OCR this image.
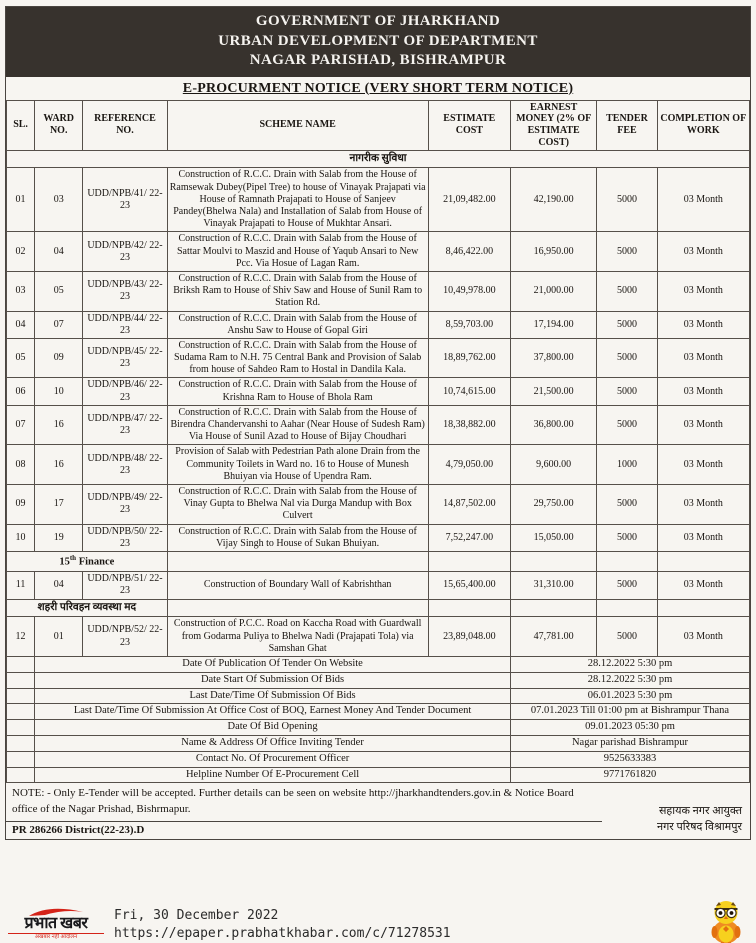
GOVERNMENT OF JHARKHAND
URBAN DEVELOPMENT OF DEPARTMENT
NAGAR PARISHAD, BISHRAMPUR
E-PROCURMENT NOTICE (VERY SHORT TERM NOTICE)
SL.	WARD NO.	REFERENCE NO.	SCHEME NAME	ESTIMATE COST	EARNEST MONEY (2% OF ESTIMATE COST)	TENDER FEE	COMPLETION OF WORK
नागरीक सुविधा							
01	03	UDD/NPB/41/ 22-23	Construction of R.C.C. Drain with Salab from the House of Ramsewak Dubey(Pipel Tree) to house of Vinayak Prajapati via House of Ramnath Prajapati to House of Sanjeev Pandey(Bhelwa Nala) and Installation of Salab from House of Vinayak Prajapati to House of Mukhtar Ansari.	21,09,482.00	42,190.00	5000	03 Month
02	04	UDD/NPB/42/ 22-23	Construction of R.C.C. Drain with Salab from the House of Sattar Moulvi to Maszid and House of Yaqub Ansari to New Pcc. Via Hosue of Lagan Ram.	8,46,422.00	16,950.00	5000	03 Month
03	05	UDD/NPB/43/ 22-23	Construction of R.C.C. Drain with Salab from the House of Briksh Ram to House of Shiv Saw and House of Sunil Ram to Station Rd.	10,49,978.00	21,000.00	5000	03 Month
04	07	UDD/NPB/44/ 22-23	Construction of R.C.C. Drain with Salab from the House of Anshu Saw to House of Gopal Giri	8,59,703.00	17,194.00	5000	03 Month
05	09	UDD/NPB/45/ 22-23	Construction of R.C.C. Drain with Salab from the House of Sudama Ram to N.H. 75 Central Bank and Provision of Salab from house of Sahdeo Ram to Hostal in Dandila Kala.	18,89,762.00	37,800.00	5000	03 Month
06	10	UDD/NPB/46/ 22-23	Construction of R.C.C. Drain with Salab from the House of Krishna Ram to House of Bhola Ram	10,74,615.00	21,500.00	5000	03 Month
07	16	UDD/NPB/47/ 22-23	Construction of R.C.C. Drain with Salab from the House of Birendra Chandervanshi to Aahar (Near House of Sudesh Ram) Via House of Sunil Azad to House of Bijay Choudhari	18,38,882.00	36,800.00	5000	03 Month
08	16	UDD/NPB/48/ 22-23	Provision of Salab with Pedestrian Path alone Drain from the Community Toilets in Ward no. 16 to House of Munesh Bhuiyan via House of Upendra Ram.	4,79,050.00	9,600.00	1000	03 Month
09	17	UDD/NPB/49/ 22-23	Construction of R.C.C. Drain with Salab from the House of Vinay Gupta to Bhelwa Nal via Durga Mandup with Box Culvert	14,87,502.00	29,750.00	5000	03 Month
10	19	UDD/NPB/50/ 22-23	Construction of R.C.C. Drain with Salab from the House of Vijay Singh to House of Sukan Bhuiyan.	7,52,247.00	15,050.00	5000	03 Month
15th Finance							
11	04	UDD/NPB/51/ 22-23	Construction of Boundary Wall of Kabrishthan	15,65,400.00	31,310.00	5000	03 Month
शहरी परिवहन व्यवस्था मद							
12	01	UDD/NPB/52/ 22-23	Construction of P.C.C. Road on Kaccha Road with Guardwall from Godarma Puliya to Bhelwa Nadi (Prajapati Tola) via Samshan Ghat	23,89,048.00	47,781.00	5000	03 Month
	Date Of Publication Of Tender On Website				28.12.2022 5:30 pm		
	Date Start Of Submission Of Bids				28.12.2022 5:30 pm		
	Last Date/Time Of Submission Of Bids				06.01.2023 5:30 pm		
	Last Date/Time Of Submission At Office Cost of BOQ, Earnest Money And Tender Document				07.01.2023 Till 01:00 pm at Bishrampur Thana		
	Date Of Bid Opening				09.01.2023 05:30 pm		
	Name & Address Of Office Inviting Tender				Nagar parishad Bishrampur		
	Contact No. Of Procurement Officer				9525633383		
	Helpline Number Of E-Procurement Cell				9771761820		
NOTE: - Only E-Tender will be accepted. Further details can be seen on website http://jharkhandtenders.gov.in & Notice Board office of the Nagar Prishad, Bishrmapur.
PR 286266 District(22-23).D
सहायक नगर आयुक्त
नगर परिषद विश्रामपुर
प्रभात खबर
अखबार नहीं आंदोलन
Fri, 30 December 2022
https://epaper.prabhatkhabar.com/c/71278531
